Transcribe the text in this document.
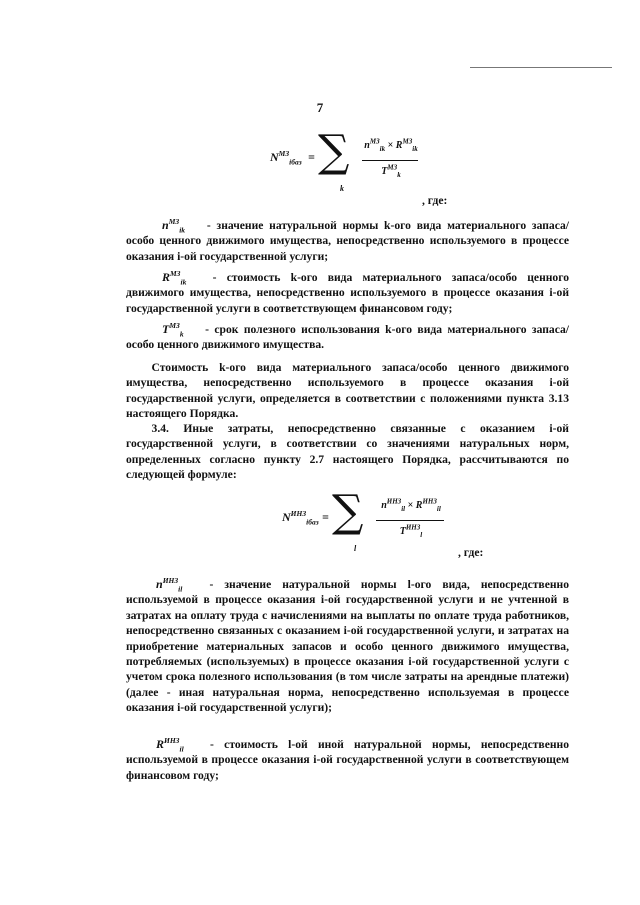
7
$N^{МЗ}_{iбаз}$ = ∑
k
$n^{МЗ}_{ik} \times R^{МЗ}_{ik}$
$T^{МЗ}_k$
, где:
$n^{МЗ}_{ik}$ - значение натуральной нормы k-ого вида материального запаса/особо ценного движимого имущества, непосредственно используемого в процессе оказания i-ой государственной услуги;
$R^{МЗ}_{ik}$ - стоимость k-ого вида материального запаса/особо ценного движимого имущества, непосредственно используемого в процессе оказания i-ой государственной услуги в соответствующем финансовом году;
$T^{МЗ}_k$ - срок полезного использования k-ого вида материального запаса/особо ценного движимого имущества.
Стоимость k-ого вида материального запаса/особо ценного движимого имущества, непосредственно используемого в процессе оказания i-ой государственной услуги, определяется в соответствии с положениями пункта 3.13 настоящего Порядка.
3.4. Иные затраты, непосредственно связанные с оказанием i-ой государственной услуги, в соответствии со значениями натуральных норм, определенных согласно пункту 2.7 настоящего Порядка, рассчитываются по следующей формуле:
$N^{ИНЗ}_{iбаз}$ = ∑
l
$n^{ИНЗ}_{il} \times R^{ИНЗ}_{il}$
$T^{ИНЗ}_l$
, где:
$n^{ИНЗ}_{il}$ - значение натуральной нормы l-ого вида, непосредственно используемой в процессе оказания i-ой государственной услуги и не учтенной в затратах на оплату труда с начислениями на выплаты по оплате труда работников, непосредственно связанных с оказанием i-ой государственной услуги, и затратах на приобретение материальных запасов и особо ценного движимого имущества, потребляемых (используемых) в процессе оказания i-ой государственной услуги с учетом срока полезного использования (в том числе затраты на арендные платежи) (далее - иная натуральная норма, непосредственно используемая в процессе оказания i-ой государственной услуги);
$R^{ИНЗ}_{il}$ - стоимость l-ой иной натуральной нормы, непосредственно используемой в процессе оказания i-ой государственной услуги в соответствующем финансовом году;
